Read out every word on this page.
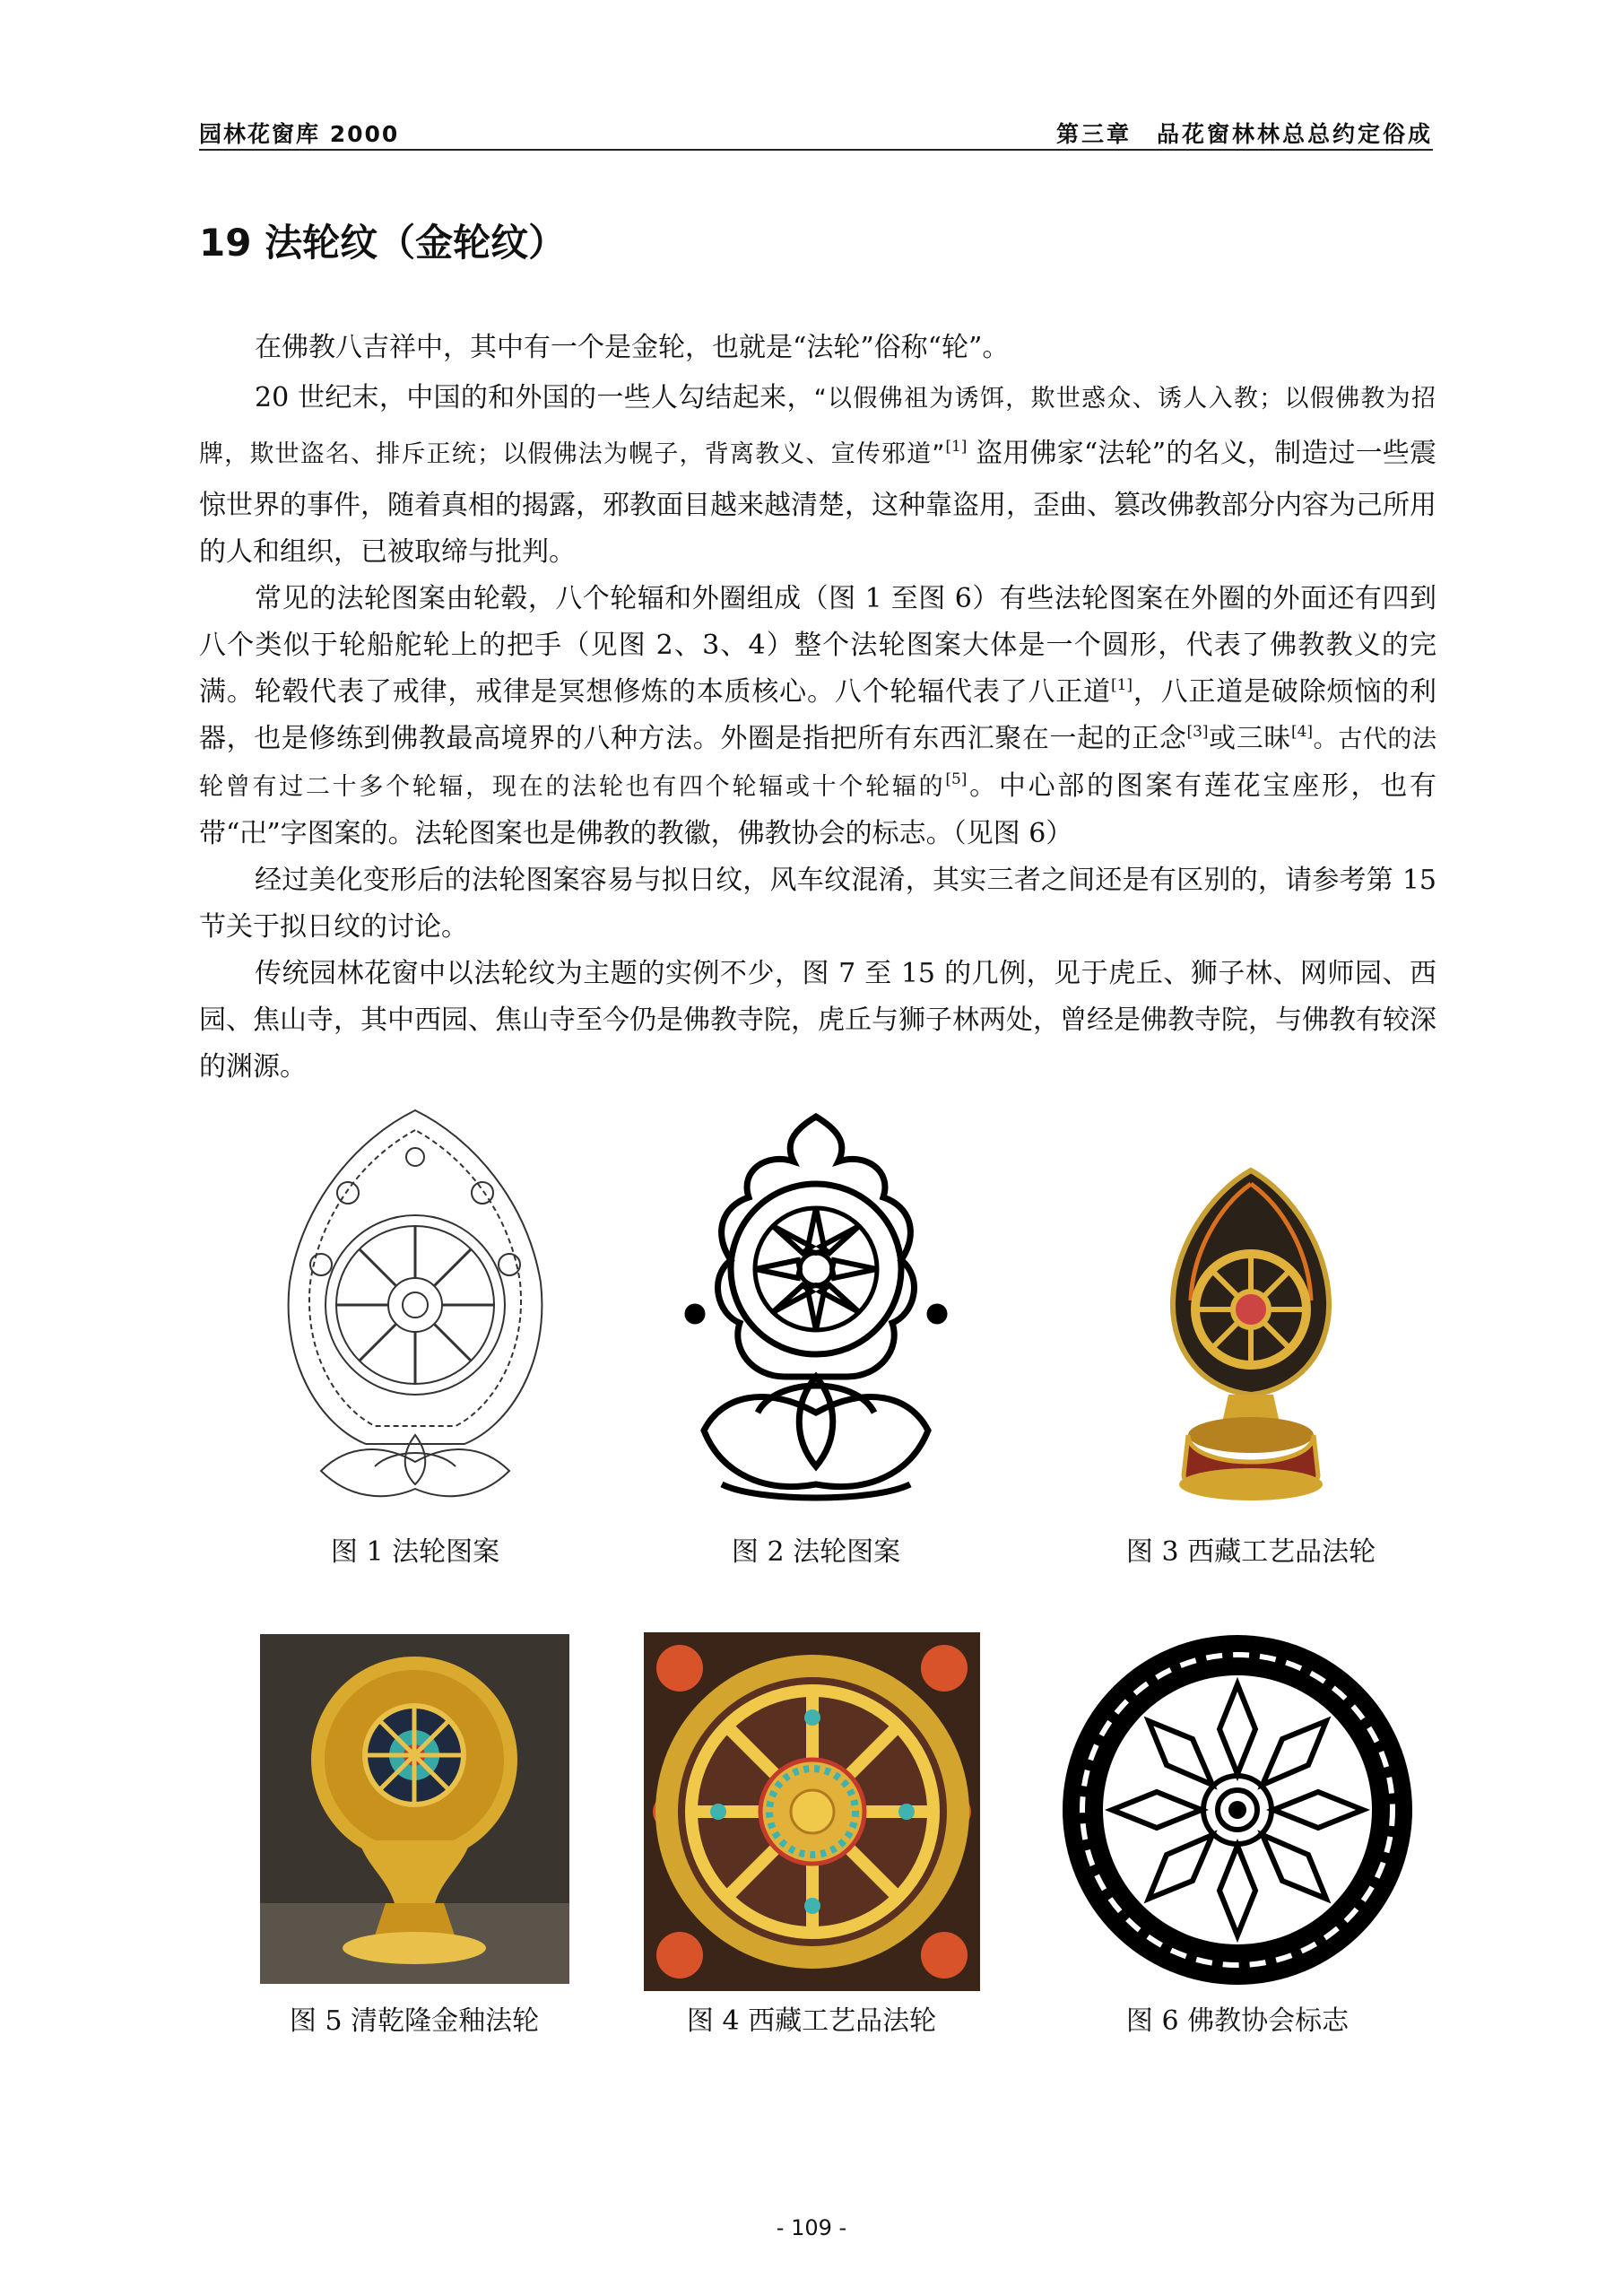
园林花窗库 2000	第三章　品花窗林林总总约定俗成
19 法轮纹（金轮纹）

在佛教八吉祥中，其中有一个是金轮，也就是“法轮”俗称“轮”。

20 世纪末，中国的和外国的一些人勾结起来，“以假佛祖为诱饵，欺世惑众、诱人入教；以假佛教为招牌，欺世盗名、排斥正统；以假佛法为幌子，背离教义、宣传邪道”[1] 盗用佛家“法轮”的名义，制造过一些震惊世界的事件，随着真相的揭露，邪教面目越来越清楚，这种靠盗用，歪曲、篡改佛教部分内容为己所用的人和组织，已被取缔与批判。

常见的法轮图案由轮毂，八个轮辐和外圈组成（图 1 至图 6）有些法轮图案在外圈的外面还有四到八个类似于轮船舵轮上的把手（见图 2、3、4）整个法轮图案大体是一个圆形，代表了佛教教义的完满。轮毂代表了戒律，戒律是冥想修炼的本质核心。八个轮辐代表了八正道[1]，八正道是破除烦恼的利器，也是修练到佛教最高境界的八种方法。外圈是指把所有东西汇聚在一起的正念[3]或三昧[4]。古代的法轮曾有过二十多个轮辐，现在的法轮也有四个轮辐或十个轮辐的[5]。中心部的图案有莲花宝座形，也有带“卍”字图案的。法轮图案也是佛教的教徽，佛教协会的标志。（见图 6）

经过美化变形后的法轮图案容易与拟日纹，风车纹混淆，其实三者之间还是有区别的，请参考第 15 节关于拟日纹的讨论。

传统园林花窗中以法轮纹为主题的实例不少，图 7 至 15 的几例，见于虎丘、狮子林、网师园、西园、焦山寺，其中西园、焦山寺至今仍是佛教寺院，虎丘与狮子林两处，曾经是佛教寺院，与佛教有较深的渊源。

图 1 法轮图案	图 2 法轮图案	图 3 西藏工艺品法轮
图 5 清乾隆金釉法轮	图 4 西藏工艺品法轮	图 6 佛教协会标志
- 109 -
